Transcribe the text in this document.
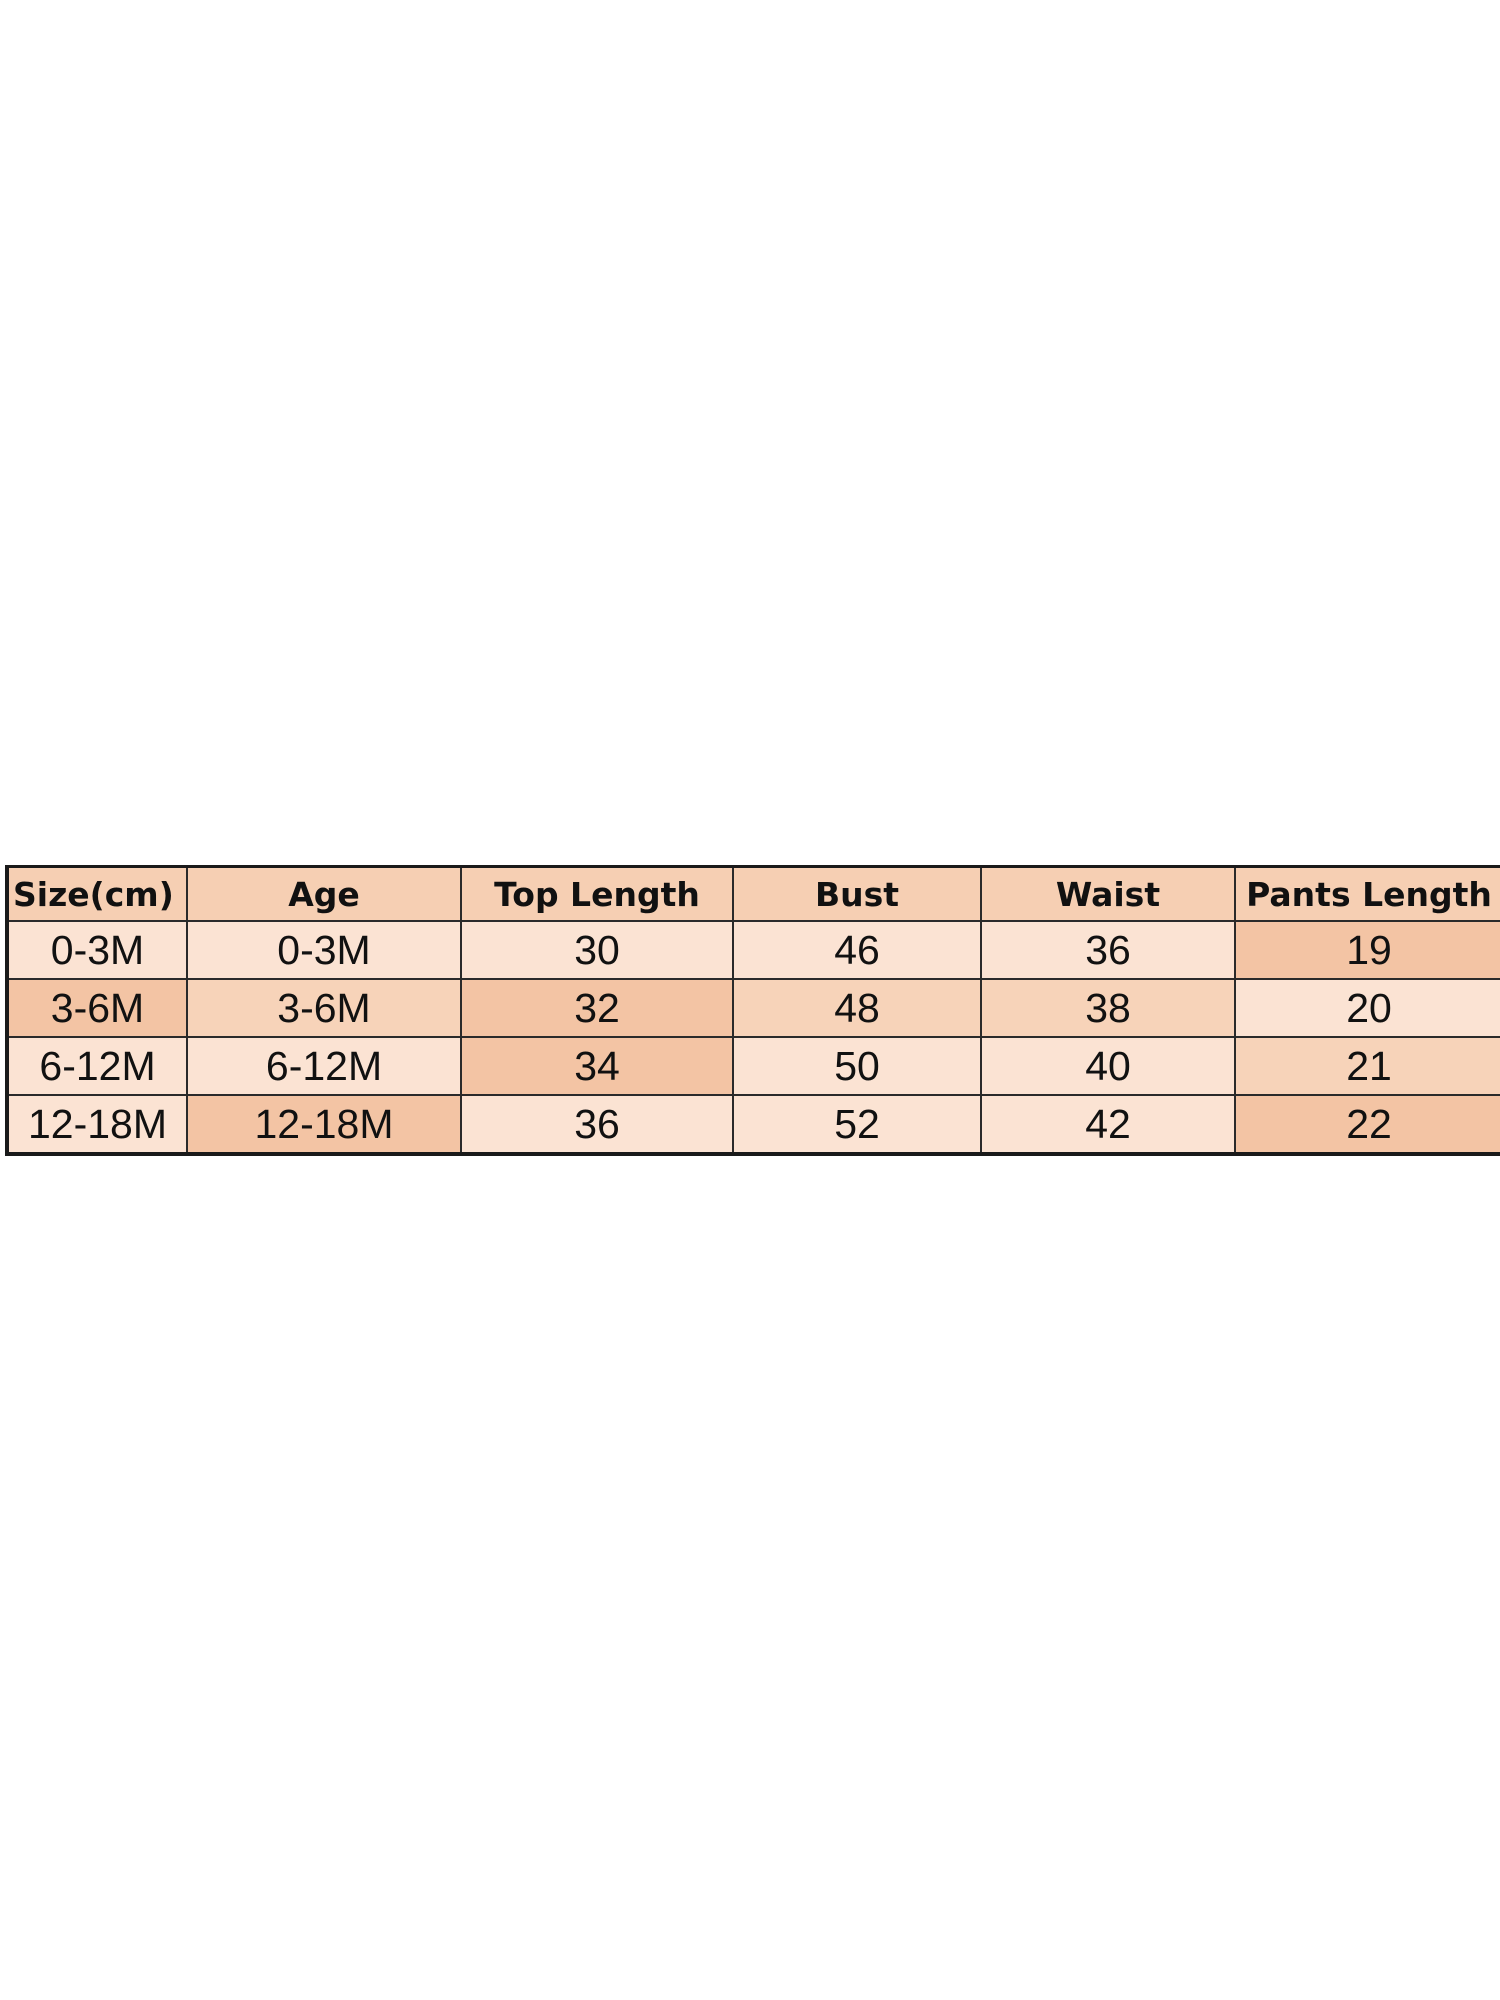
Size(cm)	Age	Top Length	Bust	Waist	Pants Length
0-3M	0-3M	30	46	36	19
3-6M	3-6M	32	48	38	20
6-12M	6-12M	34	50	40	21
12-18M	12-18M	36	52	42	22
